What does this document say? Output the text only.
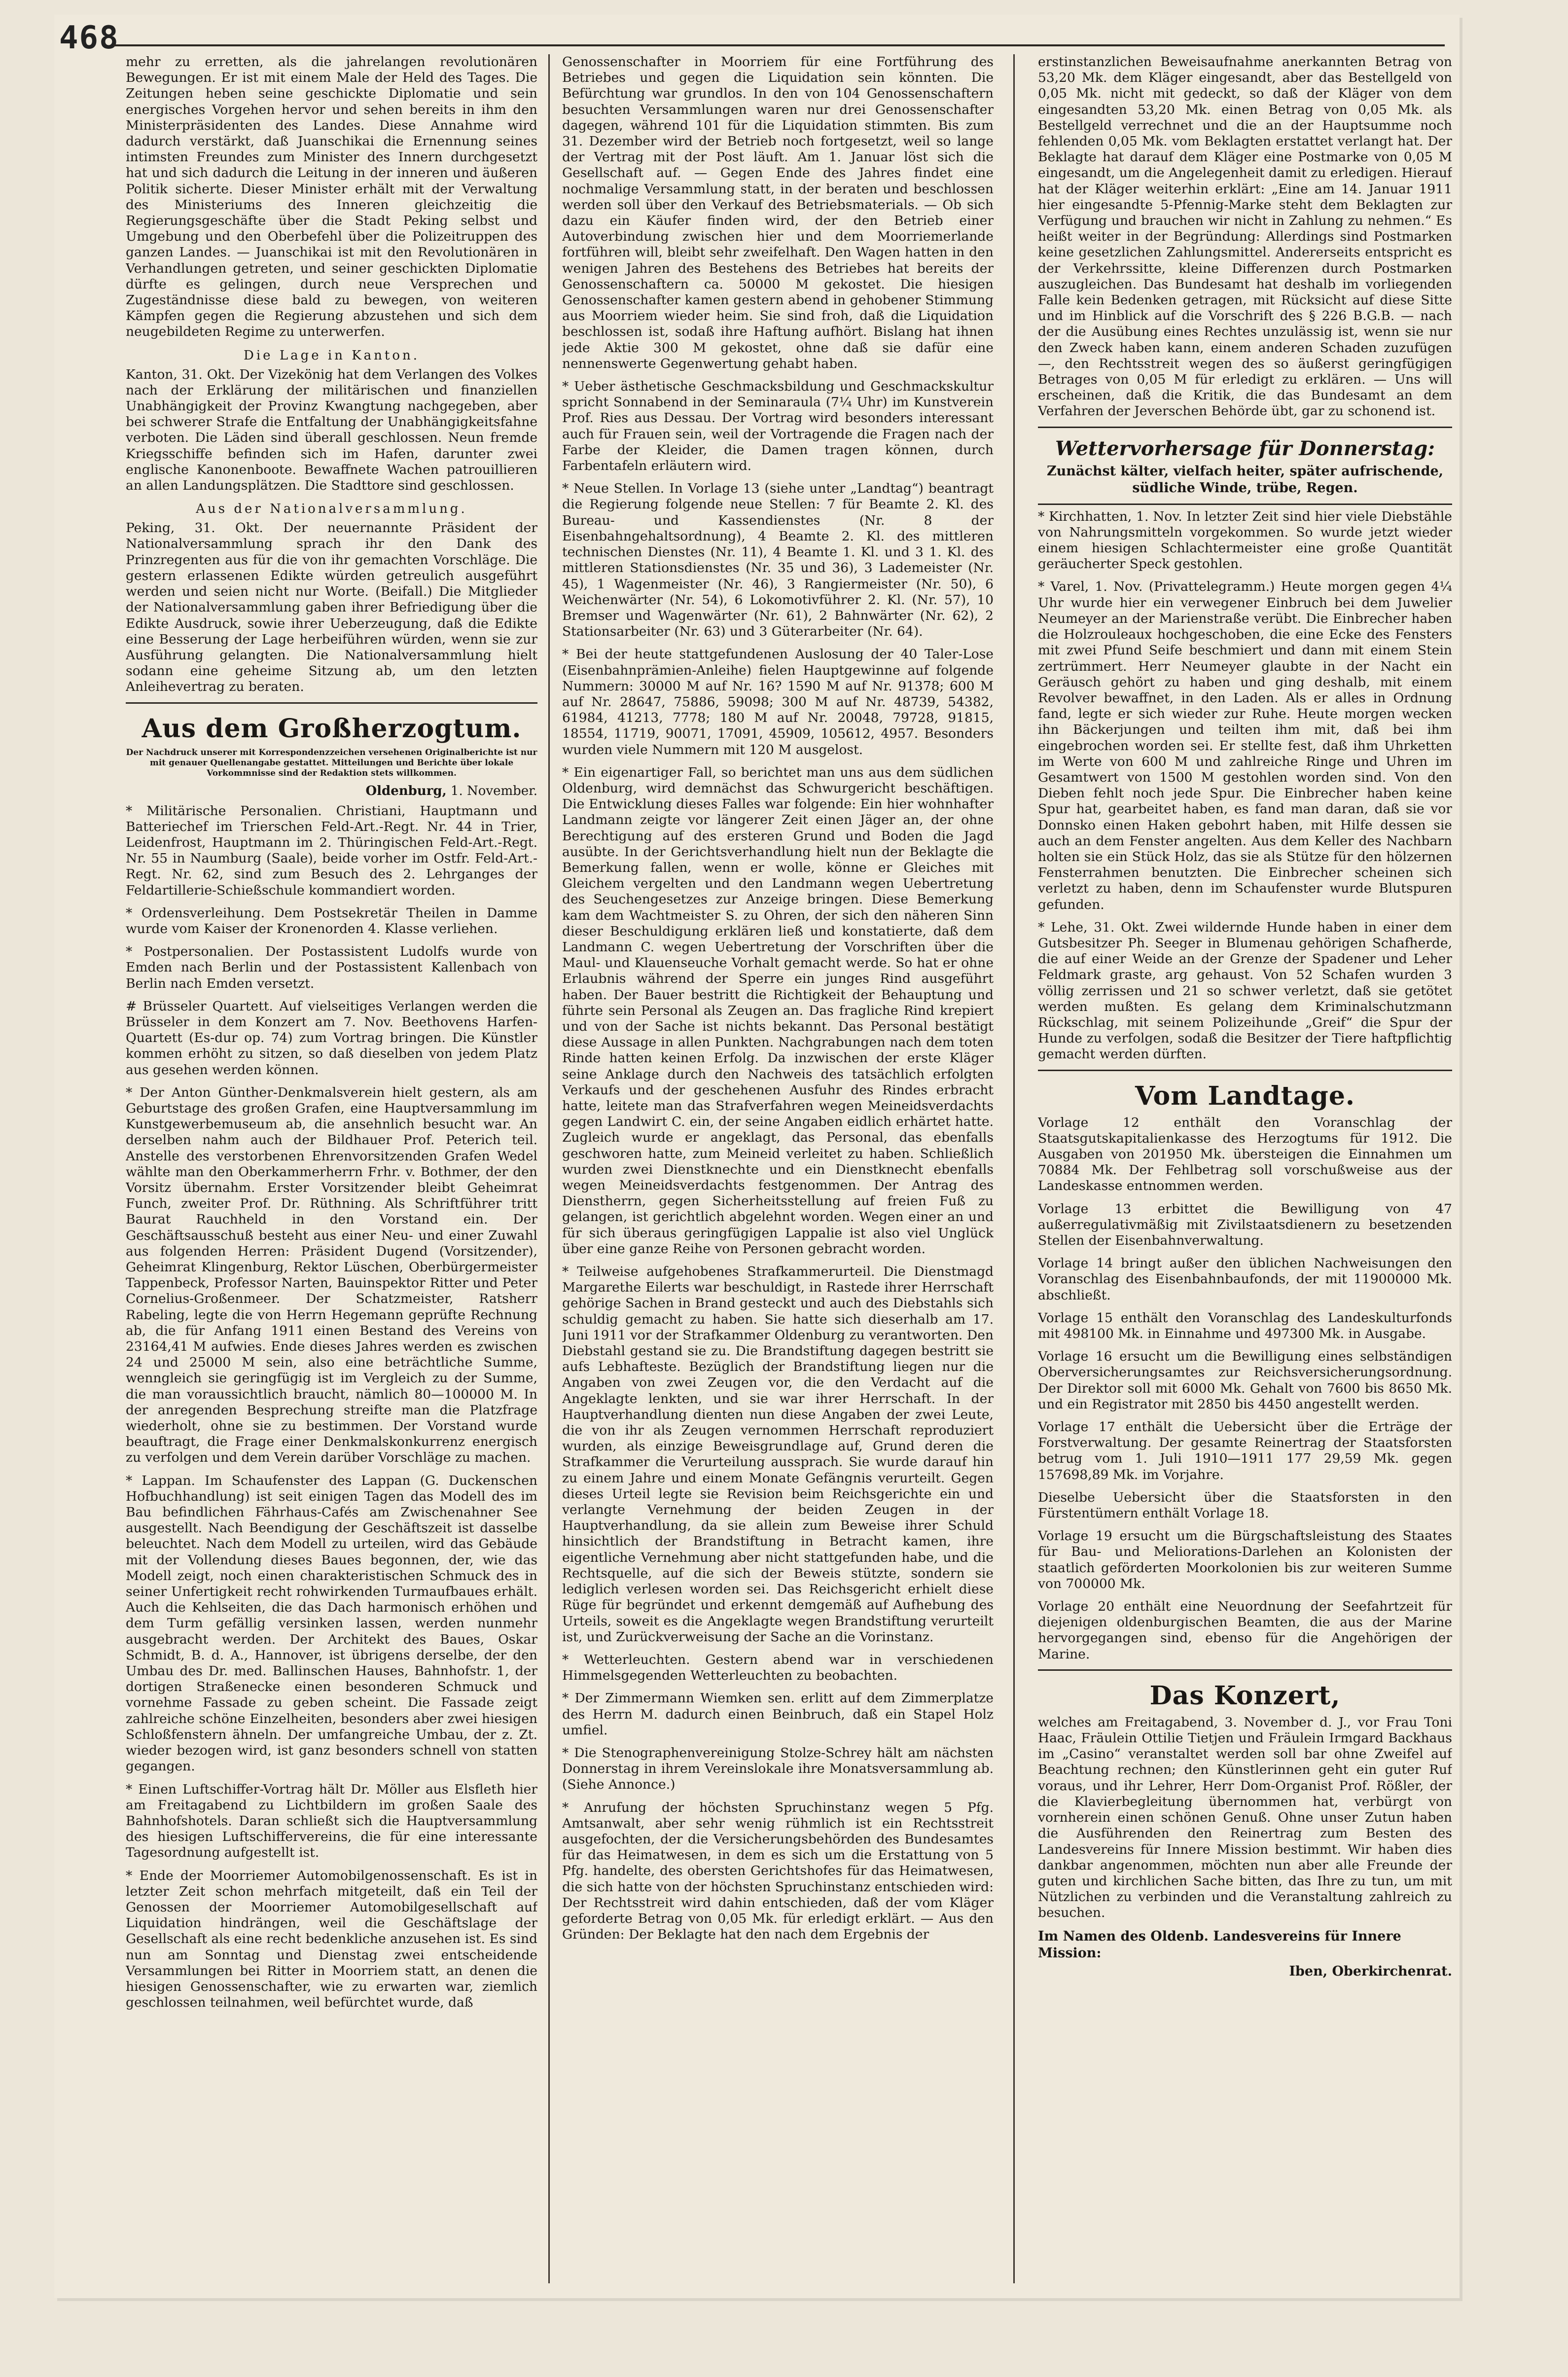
468

mehr zu erretten, als die jahrelangen revolutionären Bewegungen. Er ist mit einem Male der Held des Tages. Die Zeitungen heben seine geschickte Diplomatie und sein energisches Vorgehen hervor und sehen bereits in ihm den Ministerpräsidenten des Landes. Diese Annahme wird dadurch verstärkt, daß Juanschikai die Ernennung seines intimsten Freundes zum Minister des Innern durchgesetzt hat und sich dadurch die Leitung in der inneren und äußeren Politik sicherte. Dieser Minister erhält mit der Verwaltung des Ministeriums des Inneren gleichzeitig die Regierungsgeschäfte über die Stadt Peking selbst und Umgebung und den Oberbefehl über die Polizeitruppen des ganzen Landes. — Juanschikai ist mit den Revolutionären in Verhandlungen getreten, und seiner geschickten Diplomatie dürfte es gelingen, durch neue Versprechen und Zugeständnisse diese bald zu bewegen, von weiteren Kämpfen gegen die Regierung abzustehen und sich dem neugebildeten Regime zu unterwerfen.

Die Lage in Kanton.

Kanton, 31. Okt. Der Vizekönig hat dem Verlangen des Volkes nach der Erklärung der militärischen und finanziellen Unabhängigkeit der Provinz Kwangtung nachgegeben, aber bei schwerer Strafe die Entfaltung der Unabhängigkeitsfahne verboten. Die Läden sind überall geschlossen. Neun fremde Kriegsschiffe befinden sich im Hafen, darunter zwei englische Kanonenboote. Bewaffnete Wachen patrouillieren an allen Landungsplätzen. Die Stadttore sind geschlossen.

Aus der Nationalversammlung.

Peking, 31. Okt. Der neuernannte Präsident der Nationalversammlung sprach ihr den Dank des Prinzregenten aus für die von ihr gemachten Vorschläge. Die gestern erlassenen Edikte würden getreulich ausgeführt werden und seien nicht nur Worte. (Beifall.) Die Mitglieder der Nationalversammlung gaben ihrer Befriedigung über die Edikte Ausdruck, sowie ihrer Ueberzeugung, daß die Edikte eine Besserung der Lage herbeiführen würden, wenn sie zur Ausführung gelangten. Die Nationalversammlung hielt sodann eine geheime Sitzung ab, um den letzten Anleihevertrag zu beraten.

Aus dem Großherzogtum.
Der Nachdruck unserer mit Korrespondenzzeichen versehenen Originalberichte ist nur mit genauer Quellenangabe gestattet. Mitteilungen und Berichte über lokale Vorkommnisse sind der Redaktion stets willkommen.
Oldenburg, 1. November.

* Militärische Personalien. Christiani, Hauptmann und Batteriechef im Trierschen Feld-Art.-Regt. Nr. 44 in Trier, Leidenfrost, Hauptmann im 2. Thüringischen Feld-Art.-Regt. Nr. 55 in Naumburg (Saale), beide vorher im Ostfr. Feld-Art.-Regt. Nr. 62, sind zum Besuch des 2. Lehrganges der Feldartillerie-Schießschule kommandiert worden.

* Ordensverleihung. Dem Postsekretär Theilen in Damme wurde vom Kaiser der Kronenorden 4. Klasse verliehen.

* Postpersonalien. Der Postassistent Ludolfs wurde von Emden nach Berlin und der Postassistent Kallenbach von Berlin nach Emden versetzt.

# Brüsseler Quartett. Auf vielseitiges Verlangen werden die Brüsseler in dem Konzert am 7. Nov. Beethovens Harfen-Quartett (Es-dur op. 74) zum Vortrag bringen. Die Künstler kommen erhöht zu sitzen, so daß dieselben von jedem Platz aus gesehen werden können.

* Der Anton Günther-Denkmalsverein hielt gestern, als am Geburtstage des großen Grafen, eine Hauptversammlung im Kunstgewerbemuseum ab, die ansehnlich besucht war. An derselben nahm auch der Bildhauer Prof. Peterich teil. Anstelle des verstorbenen Ehrenvorsitzenden Grafen Wedel wählte man den Oberkammerherrn Frhr. v. Bothmer, der den Vorsitz übernahm. Erster Vorsitzender bleibt Geheimrat Funch, zweiter Prof. Dr. Rüthning. Als Schriftführer tritt Baurat Rauchheld in den Vorstand ein. Der Geschäftsausschuß besteht aus einer Neu- und einer Zuwahl aus folgenden Herren: Präsident Dugend (Vorsitzender), Geheimrat Klingenburg, Rektor Lüschen, Oberbürgermeister Tappenbeck, Professor Narten, Bauinspektor Ritter und Peter Cornelius-Großenmeer. Der Schatzmeister, Ratsherr Rabeling, legte die von Herrn Hegemann geprüfte Rechnung ab, die für Anfang 1911 einen Bestand des Vereins von 23164,41 M aufwies. Ende dieses Jahres werden es zwischen 24 und 25000 M sein, also eine beträchtliche Summe, wenngleich sie geringfügig ist im Vergleich zu der Summe, die man voraussichtlich braucht, nämlich 80—100000 M. In der anregenden Besprechung streifte man die Platzfrage wiederholt, ohne sie zu bestimmen. Der Vorstand wurde beauftragt, die Frage einer Denkmalskonkurrenz energisch zu verfolgen und dem Verein darüber Vorschläge zu machen.

* Lappan. Im Schaufenster des Lappan (G. Duckenschen Hofbuchhandlung) ist seit einigen Tagen das Modell des im Bau befindlichen Fährhaus-Cafés am Zwischenahner See ausgestellt. Nach Beendigung der Geschäftszeit ist dasselbe beleuchtet. Nach dem Modell zu urteilen, wird das Gebäude mit der Vollendung dieses Baues begonnen, der, wie das Modell zeigt, noch einen charakteristischen Schmuck des in seiner Unfertigkeit recht rohwirkenden Turmaufbaues erhält. Auch die Kehlseiten, die das Dach harmonisch erhöhen und dem Turm gefällig versinken lassen, werden nunmehr ausgebracht werden. Der Architekt des Baues, Oskar Schmidt, B. d. A., Hannover, ist übrigens derselbe, der den Umbau des Dr. med. Ballinschen Hauses, Bahnhofstr. 1, der dortigen Straßenecke einen besonderen Schmuck und vornehme Fassade zu geben scheint. Die Fassade zeigt zahlreiche schöne Einzelheiten, besonders aber zwei hiesigen Schloßfenstern ähneln. Der umfangreiche Umbau, der z. Zt. wieder bezogen wird, ist ganz besonders schnell von statten gegangen.

* Einen Luftschiffer-Vortrag hält Dr. Möller aus Elsfleth hier am Freitagabend zu Lichtbildern im großen Saale des Bahnhofshotels. Daran schließt sich die Hauptversammlung des hiesigen Luftschiffervereins, die für eine interessante Tagesordnung aufgestellt ist.

* Ende der Moorriemer Automobilgenossenschaft. Es ist in letzter Zeit schon mehrfach mitgeteilt, daß ein Teil der Genossen der Moorriemer Automobilgesellschaft auf Liquidation hindrängen, weil die Geschäftslage der Gesellschaft als eine recht bedenkliche anzusehen ist. Es sind nun am Sonntag und Dienstag zwei entscheidende Versammlungen bei Ritter in Moorriem statt, an denen die hiesigen Genossenschafter, wie zu erwarten war, ziemlich geschlossen teilnahmen, weil befürchtet wurde, daß

Genossenschafter in Moorriem für eine Fortführung des Betriebes und gegen die Liquidation sein könnten. Die Befürchtung war grundlos. In den von 104 Genossenschaftern besuchten Versammlungen waren nur drei Genossenschafter dagegen, während 101 für die Liquidation stimmten. Bis zum 31. Dezember wird der Betrieb noch fortgesetzt, weil so lange der Vertrag mit der Post läuft. Am 1. Januar löst sich die Gesellschaft auf. — Gegen Ende des Jahres findet eine nochmalige Versammlung statt, in der beraten und beschlossen werden soll über den Verkauf des Betriebsmaterials. — Ob sich dazu ein Käufer finden wird, der den Betrieb einer Autoverbindung zwischen hier und dem Moorriemerlande fortführen will, bleibt sehr zweifelhaft. Den Wagen hatten in den wenigen Jahren des Bestehens des Betriebes hat bereits der Genossenschaftern ca. 50000 M gekostet. Die hiesigen Genossenschafter kamen gestern abend in gehobener Stimmung aus Moorriem wieder heim. Sie sind froh, daß die Liquidation beschlossen ist, sodaß ihre Haftung aufhört. Bislang hat ihnen jede Aktie 300 M gekostet, ohne daß sie dafür eine nennenswerte Gegenwertung gehabt haben.

* Ueber ästhetische Geschmacksbildung und Geschmackskultur spricht Sonnabend in der Seminaraula (7¼ Uhr) im Kunstverein Prof. Ries aus Dessau. Der Vortrag wird besonders interessant auch für Frauen sein, weil der Vortragende die Fragen nach der Farbe der Kleider, die Damen tragen können, durch Farbentafeln erläutern wird.

* Neue Stellen. In Vorlage 13 (siehe unter „Landtag“) beantragt die Regierung folgende neue Stellen: 7 für Beamte 2. Kl. des Bureau- und Kassendienstes (Nr. 8 der Eisenbahngehaltsordnung), 4 Beamte 2. Kl. des mittleren technischen Dienstes (Nr. 11), 4 Beamte 1. Kl. und 3 1. Kl. des mittleren Stationsdienstes (Nr. 35 und 36), 3 Lademeister (Nr. 45), 1 Wagenmeister (Nr. 46), 3 Rangiermeister (Nr. 50), 6 Weichenwärter (Nr. 54), 6 Lokomotivführer 2. Kl. (Nr. 57), 10 Bremser und Wagenwärter (Nr. 61), 2 Bahnwärter (Nr. 62), 2 Stationsarbeiter (Nr. 63) und 3 Güterarbeiter (Nr. 64).

* Bei der heute stattgefundenen Auslosung der 40 Taler-Lose (Eisenbahnprämien-Anleihe) fielen Hauptgewinne auf folgende Nummern: 30000 M auf Nr. 16? 1590 M auf Nr. 91378; 600 M auf Nr. 28647, 75886, 59098; 300 M auf Nr. 48739, 54382, 61984, 41213, 7778; 180 M auf Nr. 20048, 79728, 91815, 18554, 11719, 90071, 17091, 45909, 105612, 4957. Besonders wurden viele Nummern mit 120 M ausgelost.

* Ein eigenartiger Fall, so berichtet man uns aus dem südlichen Oldenburg, wird demnächst das Schwurgericht beschäftigen. Die Entwicklung dieses Falles war folgende: Ein hier wohnhafter Landmann zeigte vor längerer Zeit einen Jäger an, der ohne Berechtigung auf des ersteren Grund und Boden die Jagd ausübte. In der Gerichtsverhandlung hielt nun der Beklagte die Bemerkung fallen, wenn er wolle, könne er Gleiches mit Gleichem vergelten und den Landmann wegen Uebertretung des Seuchengesetzes zur Anzeige bringen. Diese Bemerkung kam dem Wachtmeister S. zu Ohren, der sich den näheren Sinn dieser Beschuldigung erklären ließ und konstatierte, daß dem Landmann C. wegen Uebertretung der Vorschriften über die Maul- und Klauenseuche Vorhalt gemacht werde. So hat er ohne Erlaubnis während der Sperre ein junges Rind ausgeführt haben. Der Bauer bestritt die Richtigkeit der Behauptung und führte sein Personal als Zeugen an. Das fragliche Rind krepiert und von der Sache ist nichts bekannt. Das Personal bestätigt diese Aussage in allen Punkten. Nachgrabungen nach dem toten Rinde hatten keinen Erfolg. Da inzwischen der erste Kläger seine Anklage durch den Nachweis des tatsächlich erfolgten Verkaufs und der geschehenen Ausfuhr des Rindes erbracht hatte, leitete man das Strafverfahren wegen Meineidsverdachts gegen Landwirt C. ein, der seine Angaben eidlich erhärtet hatte. Zugleich wurde er angeklagt, das Personal, das ebenfalls geschworen hatte, zum Meineid verleitet zu haben. Schließlich wurden zwei Dienstknechte und ein Dienstknecht ebenfalls wegen Meineidsverdachts festgenommen. Der Antrag des Dienstherrn, gegen Sicherheitsstellung auf freien Fuß zu gelangen, ist gerichtlich abgelehnt worden. Wegen einer an und für sich überaus geringfügigen Lappalie ist also viel Unglück über eine ganze Reihe von Personen gebracht worden.

* Teilweise aufgehobenes Strafkammerurteil. Die Dienstmagd Margarethe Eilerts war beschuldigt, in Rastede ihrer Herrschaft gehörige Sachen in Brand gesteckt und auch des Diebstahls sich schuldig gemacht zu haben. Sie hatte sich dieserhalb am 17. Juni 1911 vor der Strafkammer Oldenburg zu verantworten. Den Diebstahl gestand sie zu. Die Brandstiftung dagegen bestritt sie aufs Lebhafteste. Bezüglich der Brandstiftung liegen nur die Angaben von zwei Zeugen vor, die den Verdacht auf die Angeklagte lenkten, und sie war ihrer Herrschaft. In der Hauptverhandlung dienten nun diese Angaben der zwei Leute, die von ihr als Zeugen vernommen Herrschaft reproduziert wurden, als einzige Beweisgrundlage auf, Grund deren die Strafkammer die Verurteilung aussprach. Sie wurde darauf hin zu einem Jahre und einem Monate Gefängnis verurteilt. Gegen dieses Urteil legte sie Revision beim Reichsgerichte ein und verlangte Vernehmung der beiden Zeugen in der Hauptverhandlung, da sie allein zum Beweise ihrer Schuld hinsichtlich der Brandstiftung in Betracht kamen, ihre eigentliche Vernehmung aber nicht stattgefunden habe, und die Rechtsquelle, auf die sich der Beweis stützte, sondern sie lediglich verlesen worden sei. Das Reichsgericht erhielt diese Rüge für begründet und erkennt demgemäß auf Aufhebung des Urteils, soweit es die Angeklagte wegen Brandstiftung verurteilt ist, und Zurückverweisung der Sache an die Vorinstanz.

* Wetterleuchten. Gestern abend war in verschiedenen Himmelsgegenden Wetterleuchten zu beobachten.

* Der Zimmermann Wiemken sen. erlitt auf dem Zimmerplatze des Herrn M. dadurch einen Beinbruch, daß ein Stapel Holz umfiel.

* Die Stenographenvereinigung Stolze-Schrey hält am nächsten Donnerstag in ihrem Vereinslokale ihre Monatsversammlung ab. (Siehe Annonce.)

* Anrufung der höchsten Spruchinstanz wegen 5 Pfg. Amtsanwalt, aber sehr wenig rühmlich ist ein Rechtsstreit ausgefochten, der die Versicherungsbehörden des Bundesamtes für das Heimatwesen, in dem es sich um die Erstattung von 5 Pfg. handelte, des obersten Gerichtshofes für das Heimatwesen, die sich hatte von der höchsten Spruchinstanz entschieden wird: Der Rechtsstreit wird dahin entschieden, daß der vom Kläger geforderte Betrag von 0,05 Mk. für erledigt erklärt. — Aus den Gründen: Der Beklagte hat den nach dem Ergebnis der

erstinstanzlichen Beweisaufnahme anerkannten Betrag von 53,20 Mk. dem Kläger eingesandt, aber das Bestellgeld von 0,05 Mk. nicht mit gedeckt, so daß der Kläger von dem eingesandten 53,20 Mk. einen Betrag von 0,05 Mk. als Bestellgeld verrechnet und die an der Hauptsumme noch fehlenden 0,05 Mk. vom Beklagten erstattet verlangt hat. Der Beklagte hat darauf dem Kläger eine Postmarke von 0,05 M eingesandt, um die Angelegenheit damit zu erledigen. Hierauf hat der Kläger weiterhin erklärt: „Eine am 14. Januar 1911 hier eingesandte 5-Pfennig-Marke steht dem Beklagten zur Verfügung und brauchen wir nicht in Zahlung zu nehmen.“ Es heißt weiter in der Begründung: Allerdings sind Postmarken keine gesetzlichen Zahlungsmittel. Andererseits entspricht es der Verkehrssitte, kleine Differenzen durch Postmarken auszugleichen. Das Bundesamt hat deshalb im vorliegenden Falle kein Bedenken getragen, mit Rücksicht auf diese Sitte und im Hinblick auf die Vorschrift des § 226 B.G.B. — nach der die Ausübung eines Rechtes unzulässig ist, wenn sie nur den Zweck haben kann, einem anderen Schaden zuzufügen —, den Rechtsstreit wegen des so äußerst geringfügigen Betrages von 0,05 M für erledigt zu erklären. — Uns will erscheinen, daß die Kritik, die das Bundesamt an dem Verfahren der Jeverschen Behörde übt, gar zu schonend ist.

Wettervorhersage für Donnerstag:
Zunächst kälter, vielfach heiter, später aufrischende, südliche Winde, trübe, Regen.

* Kirchhatten, 1. Nov. In letzter Zeit sind hier viele Diebstähle von Nahrungsmitteln vorgekommen. So wurde jetzt wieder einem hiesigen Schlachtermeister eine große Quantität geräucherter Speck gestohlen.

* Varel, 1. Nov. (Privattelegramm.) Heute morgen gegen 4¼ Uhr wurde hier ein verwegener Einbruch bei dem Juwelier Neumeyer an der Marienstraße verübt. Die Einbrecher haben die Holzrouleaux hochgeschoben, die eine Ecke des Fensters mit zwei Pfund Seife beschmiert und dann mit einem Stein zertrümmert. Herr Neumeyer glaubte in der Nacht ein Geräusch gehört zu haben und ging deshalb, mit einem Revolver bewaffnet, in den Laden. Als er alles in Ordnung fand, legte er sich wieder zur Ruhe. Heute morgen wecken ihn Bäckerjungen und teilten ihm mit, daß bei ihm eingebrochen worden sei. Er stellte fest, daß ihm Uhrketten im Werte von 600 M und zahlreiche Ringe und Uhren im Gesamtwert von 1500 M gestohlen worden sind. Von den Dieben fehlt noch jede Spur. Die Einbrecher haben keine Spur hat, gearbeitet haben, es fand man daran, daß sie vor Donnsko einen Haken gebohrt haben, mit Hilfe dessen sie auch an dem Fenster angelten. Aus dem Keller des Nachbarn holten sie ein Stück Holz, das sie als Stütze für den hölzernen Fensterrahmen benutzten. Die Einbrecher scheinen sich verletzt zu haben, denn im Schaufenster wurde Blutspuren gefunden.

* Lehe, 31. Okt. Zwei wildernde Hunde haben in einer dem Gutsbesitzer Ph. Seeger in Blumenau gehörigen Schafherde, die auf einer Weide an der Grenze der Spadener und Leher Feldmark graste, arg gehaust. Von 52 Schafen wurden 3 völlig zerrissen und 21 so schwer verletzt, daß sie getötet werden mußten. Es gelang dem Kriminalschutzmann Rückschlag, mit seinem Polizeihunde „Greif“ die Spur der Hunde zu verfolgen, sodaß die Besitzer der Tiere haftpflichtig gemacht werden dürften.

Vom Landtage.

Vorlage 12 enthält den Voranschlag der Staatsgutskapitalienkasse des Herzogtums für 1912. Die Ausgaben von 201950 Mk. übersteigen die Einnahmen um 70884 Mk. Der Fehlbetrag soll vorschußweise aus der Landeskasse entnommen werden.

Vorlage 13 erbittet die Bewilligung von 47 außerregulativmäßig mit Zivilstaatsdienern zu besetzenden Stellen der Eisenbahnverwaltung.

Vorlage 14 bringt außer den üblichen Nachweisungen den Voranschlag des Eisenbahnbaufonds, der mit 11900000 Mk. abschließt.

Vorlage 15 enthält den Voranschlag des Landeskulturfonds mit 498100 Mk. in Einnahme und 497300 Mk. in Ausgabe.

Vorlage 16 ersucht um die Bewilligung eines selbständigen Oberversicherungsamtes zur Reichsversicherungsordnung. Der Direktor soll mit 6000 Mk. Gehalt von 7600 bis 8650 Mk. und ein Registrator mit 2850 bis 4450 angestellt werden.

Vorlage 17 enthält die Uebersicht über die Erträge der Forstverwaltung. Der gesamte Reinertrag der Staatsforsten betrug vom 1. Juli 1910—1911 177 29,59 Mk. gegen 157698,89 Mk. im Vorjahre.

Dieselbe Uebersicht über die Staatsforsten in den Fürstentümern enthält Vorlage 18.

Vorlage 19 ersucht um die Bürgschaftsleistung des Staates für Bau- und Meliorations-Darlehen an Kolonisten der staatlich geförderten Moorkolonien bis zur weiteren Summe von 700000 Mk.

Vorlage 20 enthält eine Neuordnung der Seefahrtzeit für diejenigen oldenburgischen Beamten, die aus der Marine hervorgegangen sind, ebenso für die Angehörigen der Marine.

Das Konzert,

welches am Freitagabend, 3. November d. J., vor Frau Toni Haac, Fräulein Ottilie Tietjen und Fräulein Irmgard Backhaus im „Casino“ veranstaltet werden soll bar ohne Zweifel auf Beachtung rechnen; den Künstlerinnen geht ein guter Ruf voraus, und ihr Lehrer, Herr Dom-Organist Prof. Rößler, der die Klavierbegleitung übernommen hat, verbürgt von vornherein einen schönen Genuß. Ohne unser Zutun haben die Ausführenden den Reinertrag zum Besten des Landesvereins für Innere Mission bestimmt. Wir haben dies dankbar angenommen, möchten nun aber alle Freunde der guten und kirchlichen Sache bitten, das Ihre zu tun, um mit Nützlichen zu verbinden und die Veranstaltung zahlreich zu besuchen.

Im Namen des Oldenb. Landesvereins für Innere Mission:
Iben, Oberkirchenrat.
